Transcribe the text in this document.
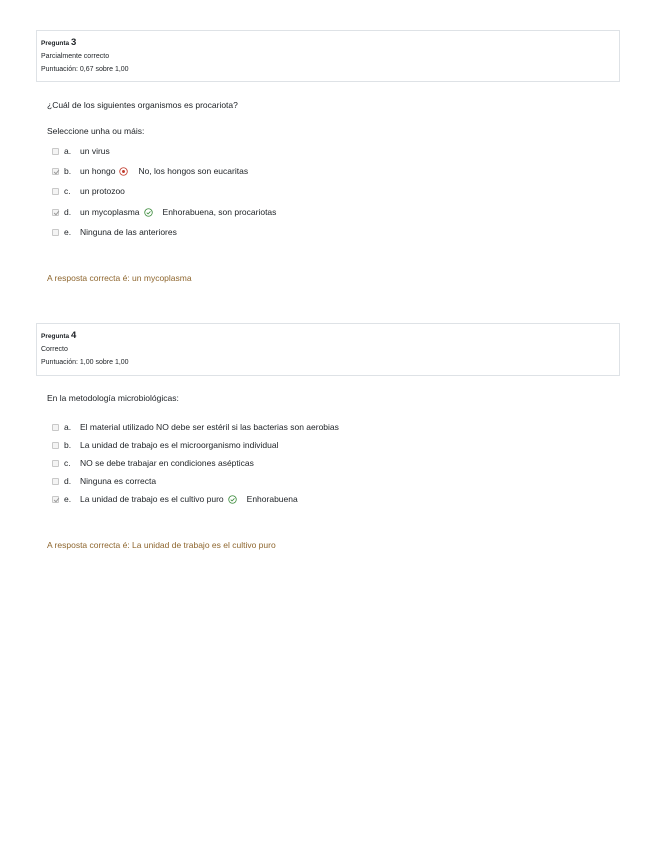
Pregunta 3
Parcialmente correcto
Puntuación: 0,67 sobre 1,00
¿Cuál de los siguientes organismos es procariota?
Seleccione unha ou máis:
a.	un virus
b.	un hongo	No, los hongos son eucaritas
c.	un protozoo
d.	un mycoplasma	Enhorabuena, son procariotas
e.	Ninguna de las anteriores
A resposta correcta é: un mycoplasma
Pregunta 4
Correcto
Puntuación: 1,00 sobre 1,00
En la metodología microbiológicas:
a.	El material utilizado NO debe ser estéril si las bacterias son aerobias
b.	La unidad de trabajo es el microorganismo individual
c.	NO se debe trabajar en condiciones asépticas
d.	Ninguna es correcta
e.	La unidad de trabajo es el cultivo puro	Enhorabuena
A resposta correcta é: La unidad de trabajo es el cultivo puro
